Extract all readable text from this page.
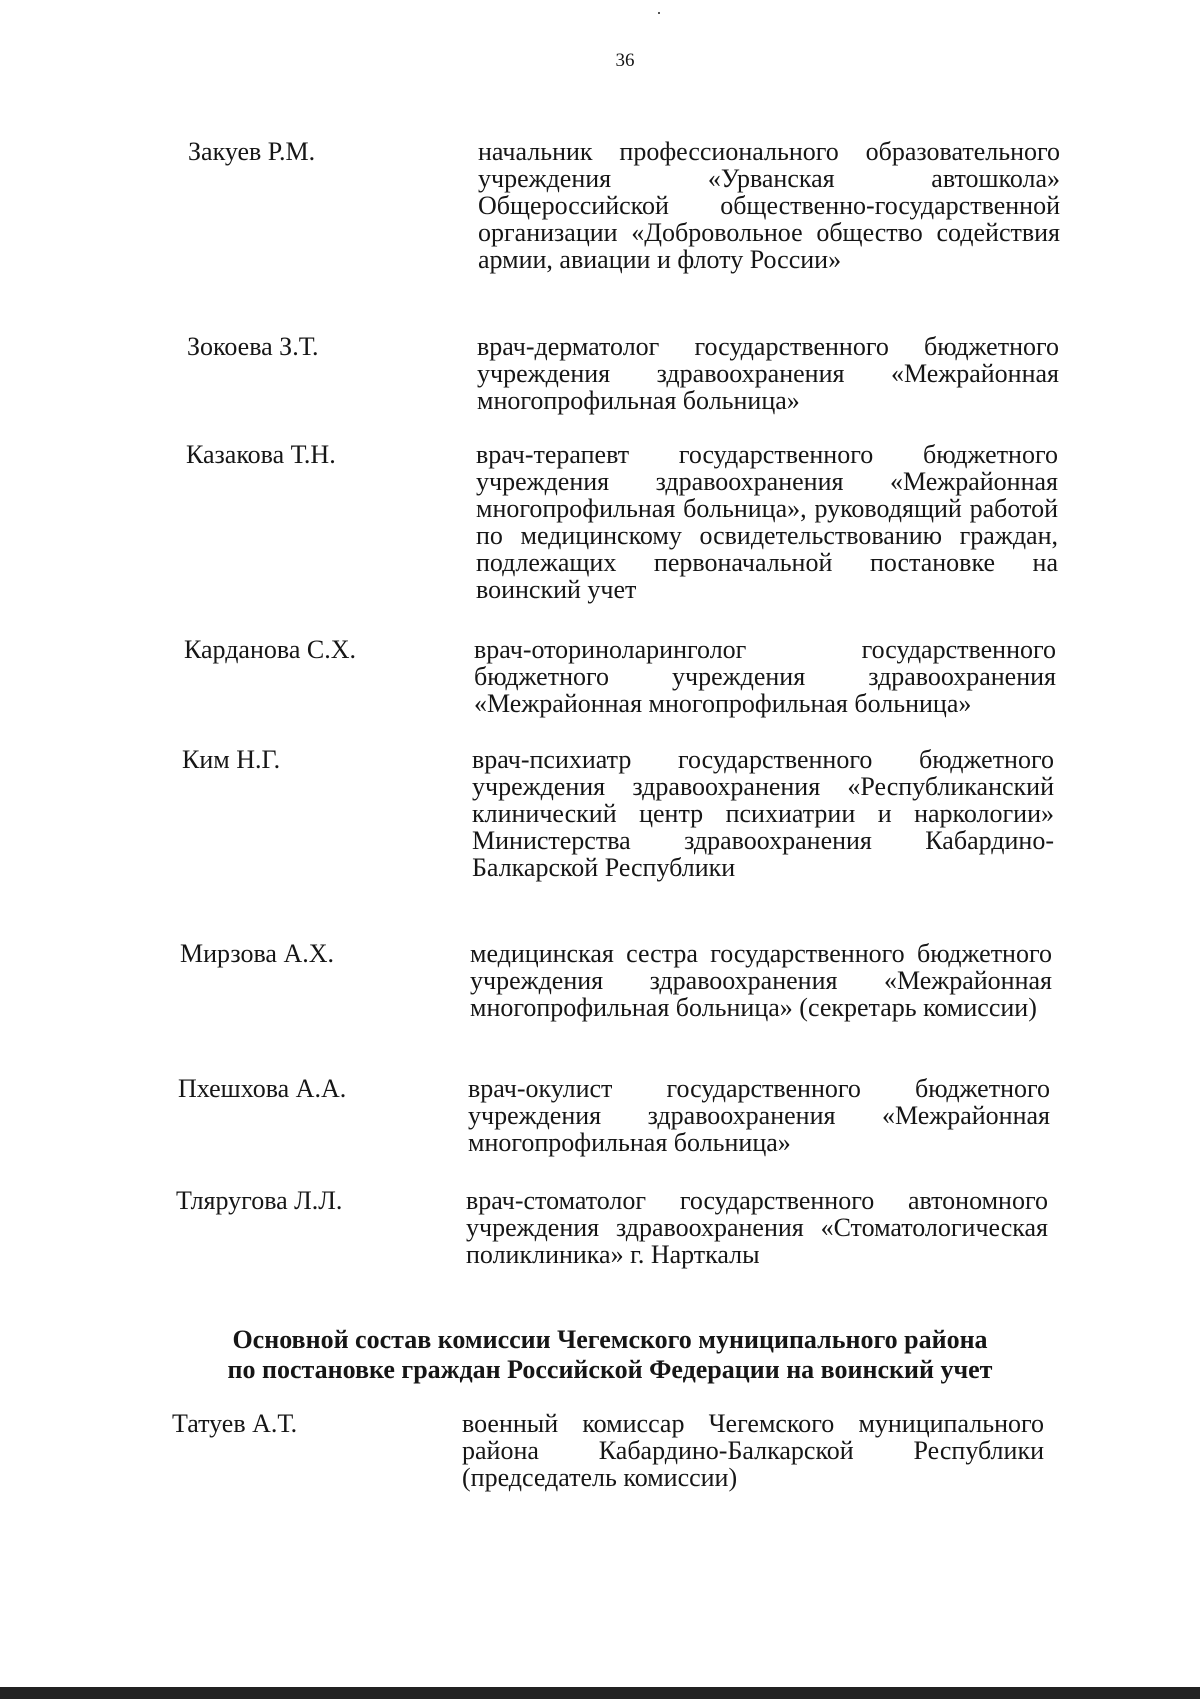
36
Закуев Р.М.	начальник профессионального образовательного учреждения «Урванская автошкола» Общероссийской общественно-государственной организации «Добровольное общество содействия армии, авиации и флоту России»
Зокоева З.Т.	врач-дерматолог государственного бюджетного учреждения здравоохранения «Межрайонная многопрофильная больница»
Казакова Т.Н.	врач-терапевт государственного бюджетного учреждения здравоохранения «Межрайонная многопрофильная больница», руководящий работой по медицинскому освидетельствованию граждан, подлежащих первоначальной постановке на воинский учет
Карданова С.Х.	врач-оториноларинголог государственного бюджетного учреждения здравоохранения «Межрайонная многопрофильная больница»
Ким Н.Г.	врач-психиатр государственного бюджетного учреждения здравоохранения «Республиканский клинический центр психиатрии и наркологии» Министерства здравоохранения Кабардино-Балкарской Республики
Мирзова А.Х.	медицинская сестра государственного бюджетного учреждения здравоохранения «Межрайонная многопрофильная больница» (секретарь комиссии)
Пхешхова А.А.	врач-окулист государственного бюджетного учреждения здравоохранения «Межрайонная многопрофильная больница»
Тляругова Л.Л.	врач-стоматолог государственного автономного учреждения здравоохранения «Стоматологическая поликлиника» г. Нарткалы
Основной состав комиссии Чегемского муниципального района
по постановке граждан Российской Федерации на воинский учет
Татуев А.Т.	военный комиссар Чегемского муниципального района Кабардино-Балкарской Республики (председатель комиссии)
